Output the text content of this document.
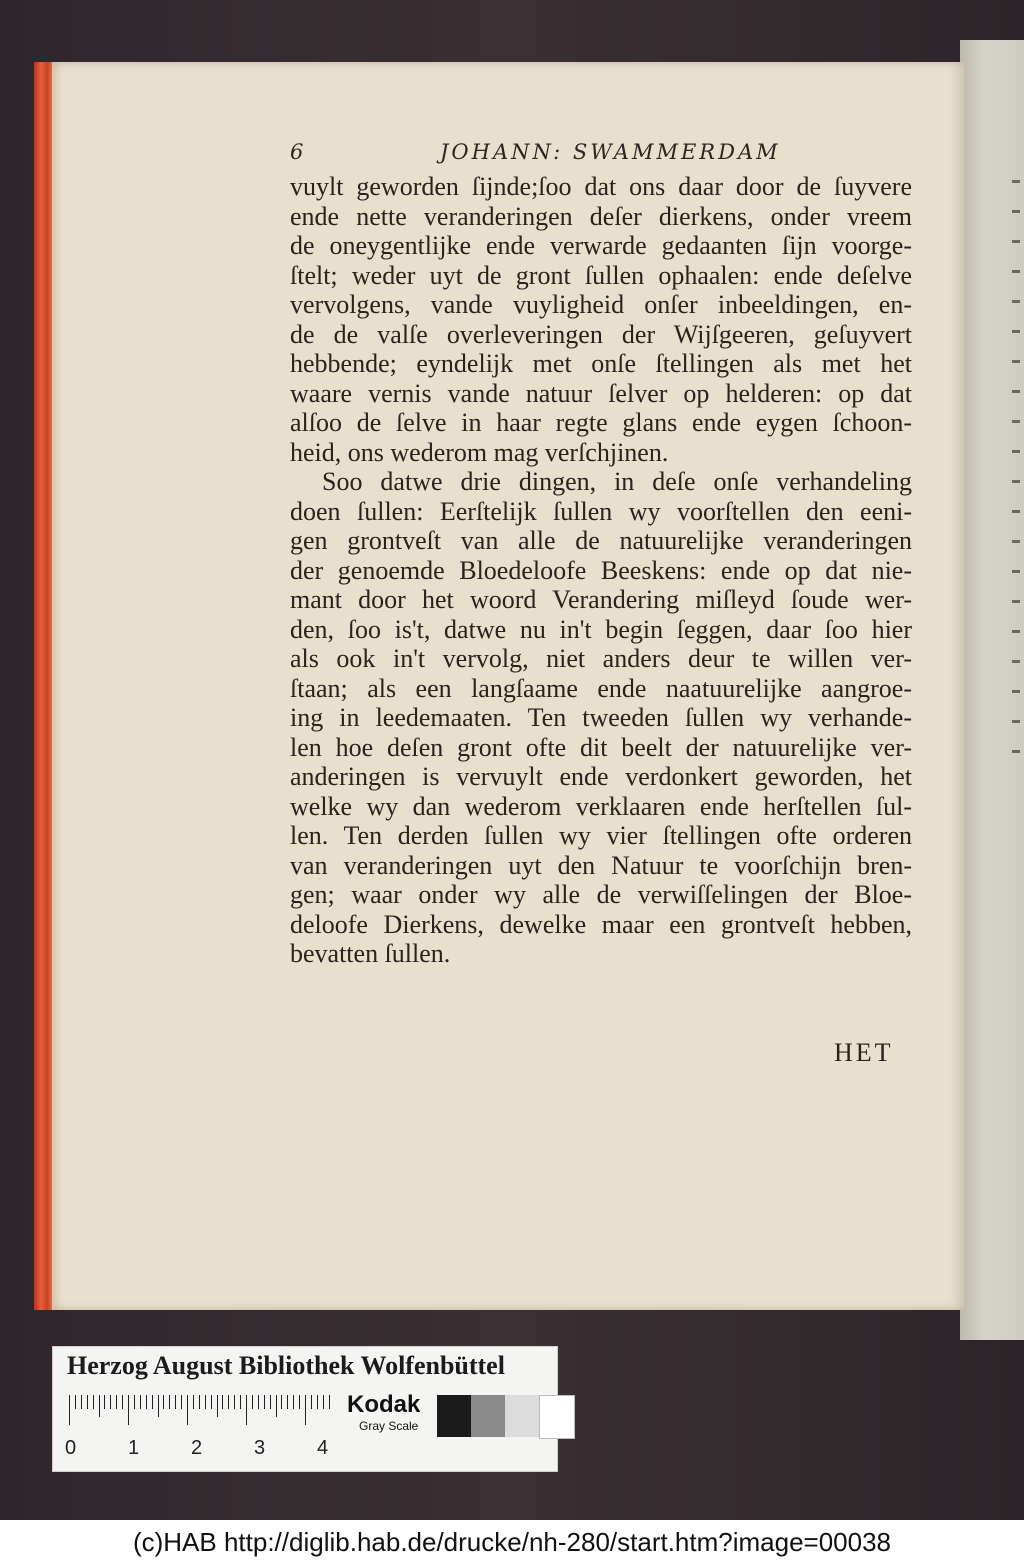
6	JOHANN: SWAMMERDAM
vuylt geworden ſijnde;ſoo dat ons daar door de ſuyvere
ende nette veranderingen deſer dierkens, onder vreem
de oneygentlijke ende verwarde gedaanten ſijn voorge-
ſtelt; weder uyt de gront ſullen ophaalen: ende deſelve
vervolgens, vande vuyligheid onſer inbeeldingen, en-
de de valſe overleveringen der Wijſgeeren, geſuyvert
hebbende; eyndelijk met onſe ſtellingen als met het
waare vernis vande natuur ſelver op helderen: op dat
alſoo de ſelve in haar regte glans ende eygen ſchoon-
heid, ons wederom mag verſchjinen.
Soo datwe drie dingen, in deſe onſe verhandeling
doen ſullen: Eerſtelijk ſullen wy voorſtellen den eeni-
gen grontveſt van alle de natuurelijke veranderingen
der genoemde Bloedeloofe Beeskens: ende op dat nie-
mant door het woord Verandering miſleyd ſoude wer-
den, ſoo is't, datwe nu in't begin ſeggen, daar ſoo hier
als ook in't vervolg, niet anders deur te willen ver-
ſtaan; als een langſaame ende naatuurelijke aangroe-
ing in leedemaaten. Ten tweeden ſullen wy verhande-
len hoe deſen gront ofte dit beelt der natuurelijke ver-
anderingen is vervuylt ende verdonkert geworden, het
welke wy dan wederom verklaaren ende herſtellen ſul-
len. Ten derden ſullen wy vier ſtellingen ofte orderen
van veranderingen uyt den Natuur te voorſchijn bren-
gen; waar onder wy alle de verwiſſelingen der Bloe-
deloofe Dierkens, dewelke maar een grontveſt hebben,
bevatten ſullen.
HET
Herzog August Bibliothek Wolfenbüttel
0	1	2	3	4
Kodak
Gray Scale
(c)HAB http://diglib.hab.de/drucke/nh-280/start.htm?image=00038
